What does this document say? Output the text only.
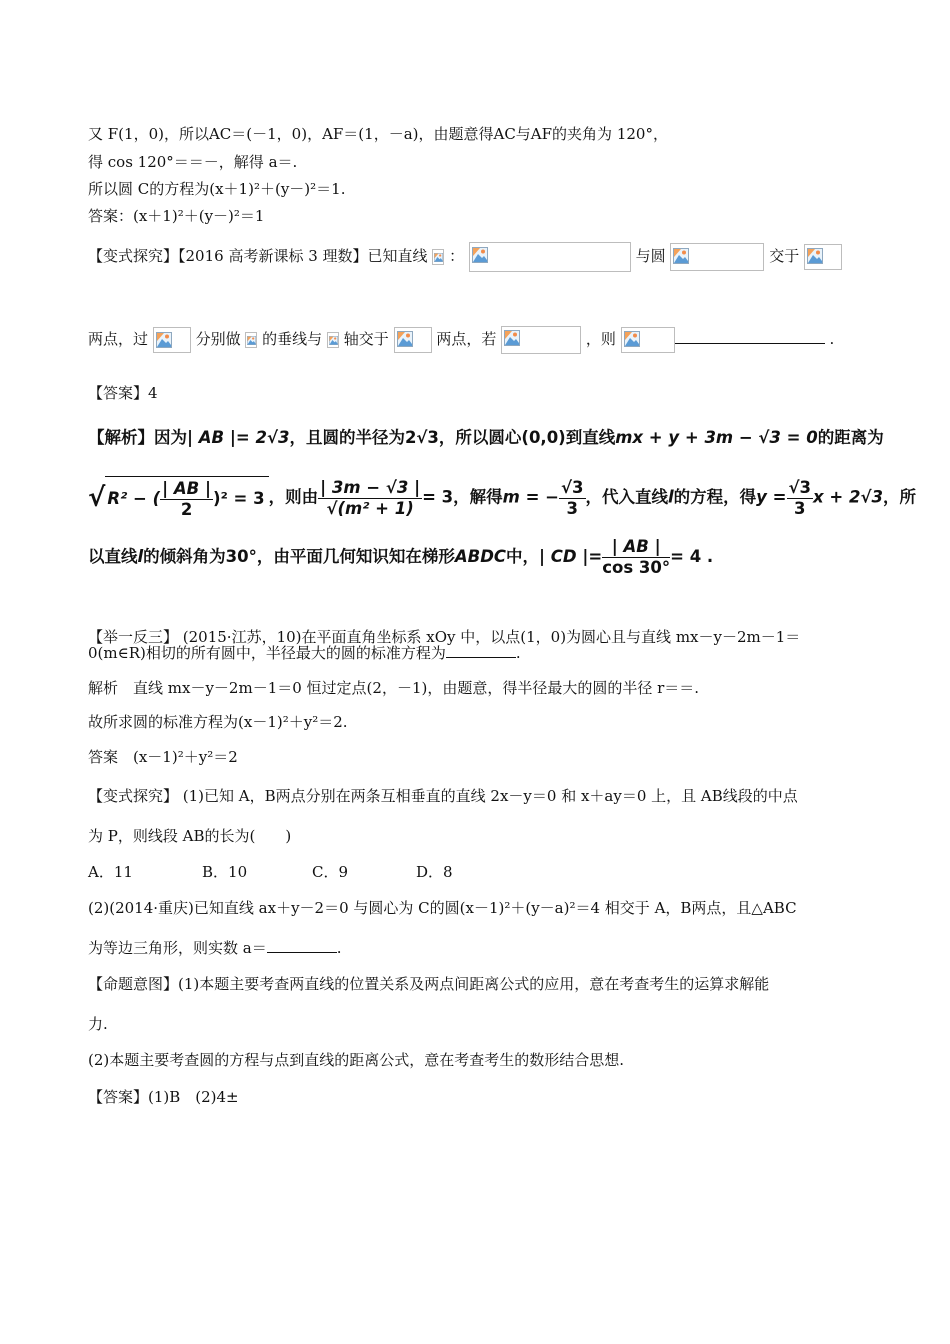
又 F(1，0)，所以AC＝(－1，0)，AF＝(1，－a)，由题意得AC与AF的夹角为 120°，
得 cos 120°＝＝－，解得 a＝.
所以圆 C的方程为(x＋1)²＋(y－)²＝1.
答案：(x＋1)²＋(y－)²＝1
【变式探究】【2016 高考新课标 3 理数】已知直线 ：	与圆	交于
两点，过	分别做 的垂线与 轴交于	两点，若	，则	.
【答案】4
【解析】因为| AB |= 2√3，且圆的半径为2√3，所以圆心(0,0)到直线mx + y + 3m − √3 = 0的距离为
√ R² − ( $\frac{| AB |}{2} )^2 = 3$ ，则由 $\frac{| 3m - √3 |}{\text{√(m² + 1)}} = 3$，解得m = − $\frac{√3}{3}$ ，代入直线l的方程，得$y = \frac{√3}{3}$ x + 2√3，所
以直线l的倾斜角为30°，由平面几何知识知在梯形ABDC中，| CD |= $\frac{| AB |}{\cos 30^\circ} = 4$ .
【举一反三】 (2015·江苏，10)在平面直角坐标系 xOy 中，以点(1，0)为圆心且与直线 mx－y－2m－1＝
0(m∈R)相切的所有圆中，半径最大的圆的标准方程为	.
解析　直线 mx－y－2m－1＝0 恒过定点(2，－1)，由题意，得半径最大的圆的半径 r＝＝.
故所求圆的标准方程为(x－1)²＋y²＝2.
答案　(x－1)²＋y²＝2
【变式探究】 (1)已知 A，B两点分别在两条互相垂直的直线 2x－y＝0 和 x＋ay＝0 上，且 AB线段的中点
为 P，则线段 AB的长为(　　)
A．11	B．10	C．9	D．8
(2)(2014·重庆)已知直线 ax＋y－2＝0 与圆心为 C的圆(x－1)²＋(y－a)²＝4 相交于 A，B两点，且△ABC
为等边三角形，则实数 a＝	.
【命题意图】(1)本题主要考查两直线的位置关系及两点间距离公式的应用，意在考查考生的运算求解能
力.
(2)本题主要考查圆的方程与点到直线的距离公式，意在考查考生的数形结合思想.
【答案】(1)B　(2)4±
